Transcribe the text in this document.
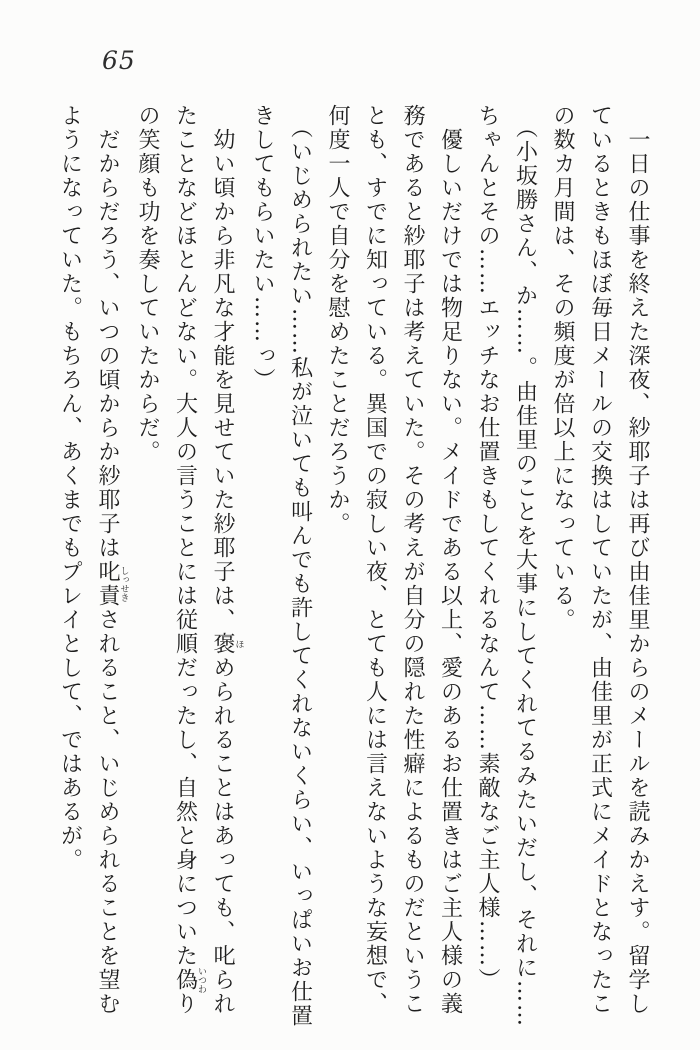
65

一日の仕事を終えた深夜、紗耶子は再び由佳里からのメールを読みかえす。留学しているときもほぼ毎日メールの交換はしていたが、由佳里が正式にメイドとなったこの数カ月間は、その頻度が倍以上になっている。

（小坂勝さん、か……。由佳里のことを大事にしてくれてるみたいだし、それに……ちゃんとその……エッチなお仕置きもしてくれるなんて……素敵なご主人様……）

優しいだけでは物足りない。メイドである以上、愛のあるお仕置きはご主人様の義務であると紗耶子は考えていた。その考えが自分の隠れた性癖によるものだということも、すでに知っている。異国での寂しい夜、とても人には言えないような妄想で、何度一人で自分を慰めたことだろうか。

（いじめられたい……私が泣いても叫んでも許してくれないくらい、いっぱいお仕置きしてもらいたい……っ）

幼い頃から非凡な才能を見せていた紗耶子は、褒ほめられることはあっても、叱られたことなどほとんどない。大人の言うことには従順だったし、自然と身についた偽いつわりの笑顔も功を奏していたからだ。

だからだろう、いつの頃からか紗耶子は叱責しっせきされること、いじめられることを望むようになっていた。もちろん、あくまでもプレイとして、ではあるが。
